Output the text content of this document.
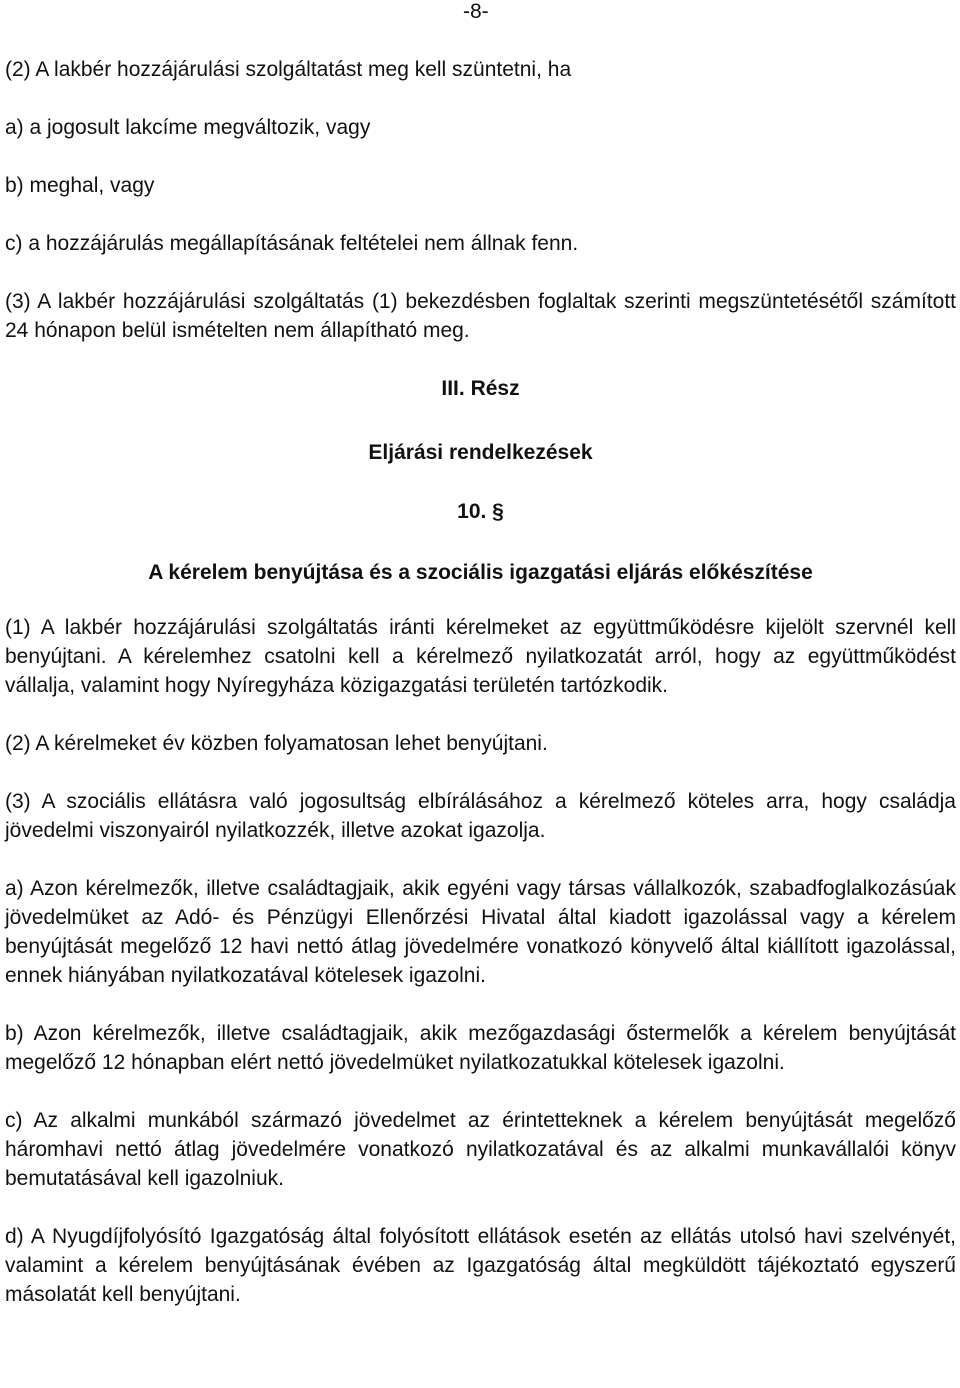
-8-

(2) A lakbér hozzájárulási szolgáltatást meg kell szüntetni, ha

a) a jogosult lakcíme megváltozik, vagy

b) meghal, vagy

c) a hozzájárulás megállapításának feltételei nem állnak fenn.

(3) A lakbér hozzájárulási szolgáltatás (1) bekezdésben foglaltak szerinti megszüntetésétől számított 24 hónapon belül ismételten nem állapítható meg.

III. Rész

Eljárási rendelkezések

10. §

A kérelem benyújtása és a szociális igazgatási eljárás előkészítése

(1) A lakbér hozzájárulási szolgáltatás iránti kérelmeket az együttműködésre kijelölt szervnél kell benyújtani. A kérelemhez csatolni kell a kérelmező nyilatkozatát arról, hogy az együttműködést vállalja, valamint hogy Nyíregyháza közigazgatási területén tartózkodik.

(2) A kérelmeket év közben folyamatosan lehet benyújtani.

(3) A szociális ellátásra való jogosultság elbírálásához a kérelmező köteles arra, hogy családja jövedelmi viszonyairól nyilatkozzék, illetve azokat igazolja.

a) Azon kérelmezők, illetve családtagjaik, akik egyéni vagy társas vállalkozók, szabadfoglalkozásúak jövedelmüket az Adó- és Pénzügyi Ellenőrzési Hivatal által kiadott igazolással vagy a kérelem benyújtását megelőző 12 havi nettó átlag jövedelmére vonatkozó könyvelő által kiállított igazolással, ennek hiányában nyilatkozatával kötelesek igazolni.

b) Azon kérelmezők, illetve családtagjaik, akik mezőgazdasági őstermelők a kérelem benyújtását megelőző 12 hónapban elért nettó jövedelmüket nyilatkozatukkal kötelesek igazolni.

c) Az alkalmi munkából származó jövedelmet az érintetteknek a kérelem benyújtását megelőző háromhavi nettó átlag jövedelmére vonatkozó nyilatkozatával és az alkalmi munkavállalói könyv bemutatásával kell igazolniuk.

d) A Nyugdíjfolyósító Igazgatóság által folyósított ellátások esetén az ellátás utolsó havi szelvényét, valamint a kérelem benyújtásának évében az Igazgatóság által megküldött tájékoztató egyszerű másolatát kell benyújtani.
